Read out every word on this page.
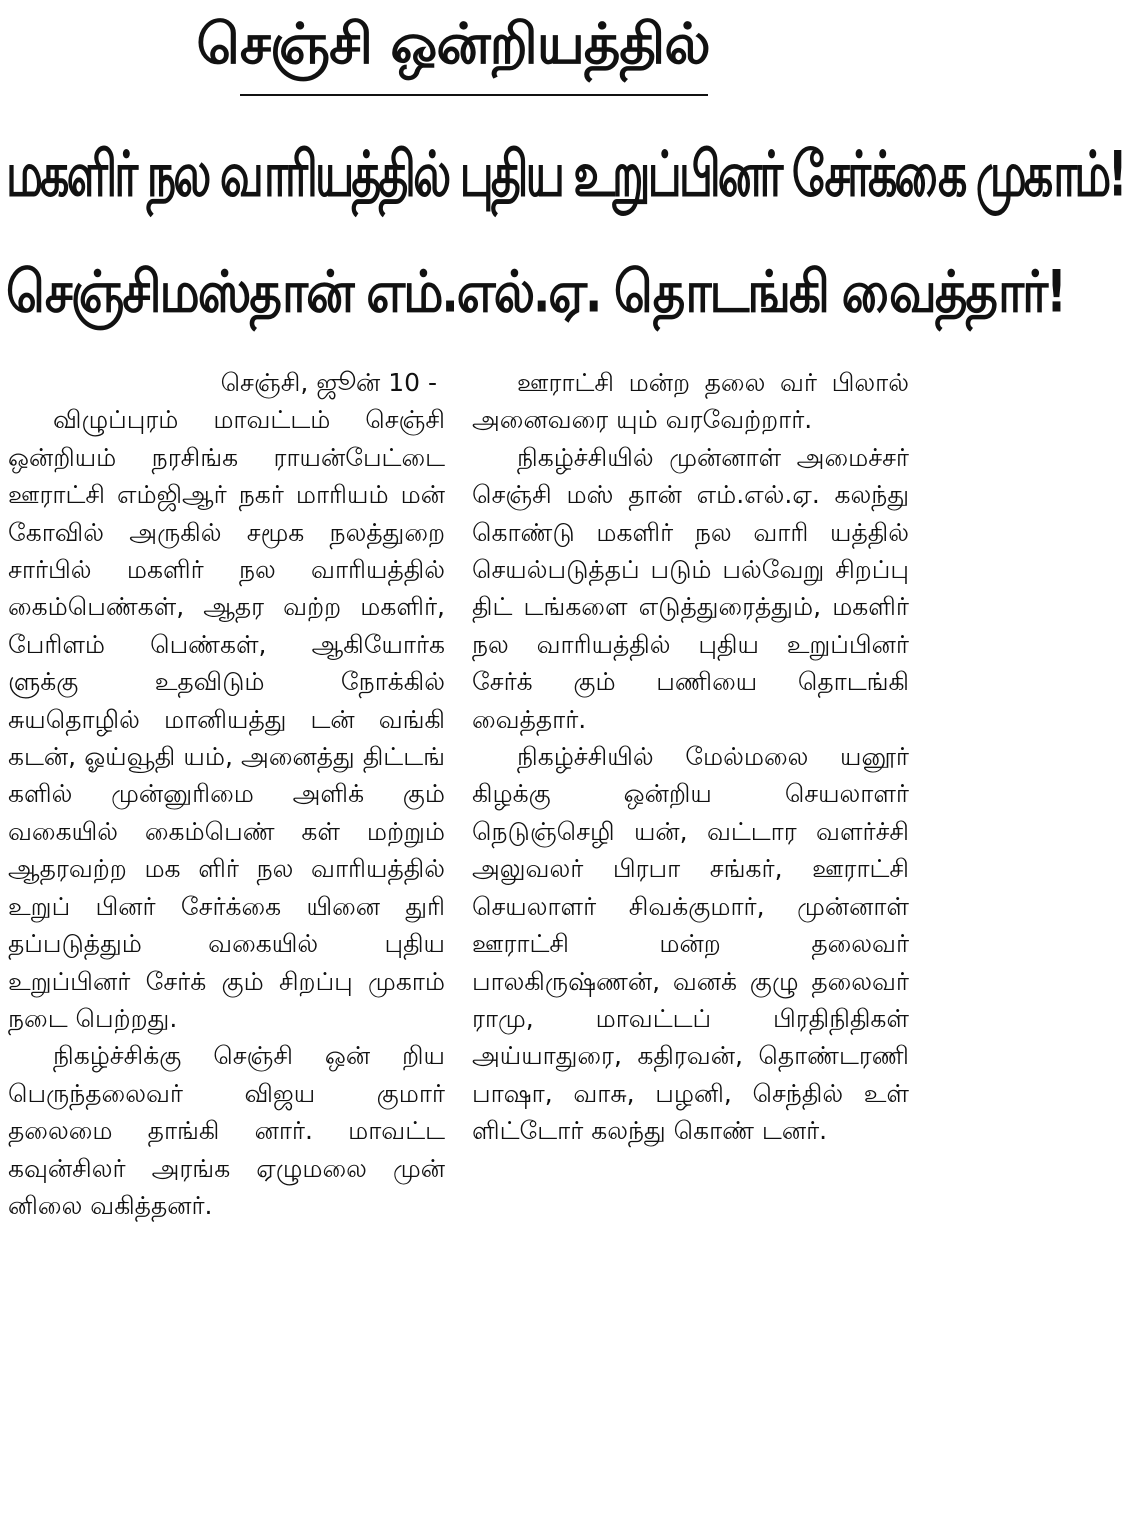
செஞ்சி ஒன்றியத்தில்
மகளிர் நல வாரியத்தில் புதிய உறுப்பினர் சேர்க்கை முகாம்!
செஞ்சிமஸ்தான் எம்.எல்.ஏ. தொடங்கி வைத்தார்!

செஞ்சி, ஜூன் 10 -

விழுப்புரம் மாவட்டம் செஞ்சி ஒன்றியம் நரசிங்க ராயன்பேட்டை ஊராட்சி எம்ஜிஆர் நகர் மாரியம் மன் கோவில் அருகில் சமூக நலத்துறை சார்பில் மகளிர் நல வாரியத்தில் கைம்பெண்கள், ஆதர வற்ற மகளிர், பேரிளம் பெண்கள், ஆகியோர்க ளுக்கு உதவிடும் நோக்கில் சுயதொழில் மானியத்து டன் வங்கி கடன், ஓய்வூதி யம், அனைத்து திட்டங் களில் முன்னுரிமை அளிக் கும் வகையில் கைம்பெண் கள் மற்றும் ஆதரவற்ற மக ளிர் நல வாரியத்தில் உறுப் பினர் சேர்க்கை யினை துரி தப்படுத்தும் வகையில் புதிய உறுப்பினர் சேர்க் கும் சிறப்பு முகாம் நடை பெற்றது.

நிகழ்ச்சிக்கு செஞ்சி ஒன் றிய பெருந்தலைவர் விஜய குமார் தலைமை தாங்கி னார். மாவட்ட கவுன்சிலர் அரங்க ஏழுமலை முன் னிலை வகித்தனர்.

ஊராட்சி மன்ற தலை வர் பிலால் அனைவரை யும் வரவேற்றார்.

நிகழ்ச்சியில் முன்னாள் அமைச்சர் செஞ்சி மஸ் தான் எம்.எல்.ஏ. கலந்து கொண்டு மகளிர் நல வாரி யத்தில் செயல்படுத்தப் படும் பல்வேறு சிறப்பு திட் டங்களை எடுத்துரைத்தும், மகளிர் நல வாரியத்தில் புதிய உறுப்பினர் சேர்க் கும் பணியை தொடங்கி வைத்தார்.

நிகழ்ச்சியில் மேல்மலை யனூர் கிழக்கு ஒன்றிய செயலாளர் நெடுஞ்செழி யன், வட்டார வளர்ச்சி அலுவலர் பிரபா சங்கர், ஊராட்சி செயலாளர் சிவக்குமார், முன்னாள் ஊராட்சி மன்ற தலைவர் பாலகிருஷ்ணன், வனக் குழு தலைவர் ராமு, மாவட்டப் பிரதிநிதிகள் அய்யாதுரை, கதிரவன், தொண்டரணி பாஷா, வாசு, பழனி, செந்தில் உள் ளிட்டோர் கலந்து கொண் டனர்.
